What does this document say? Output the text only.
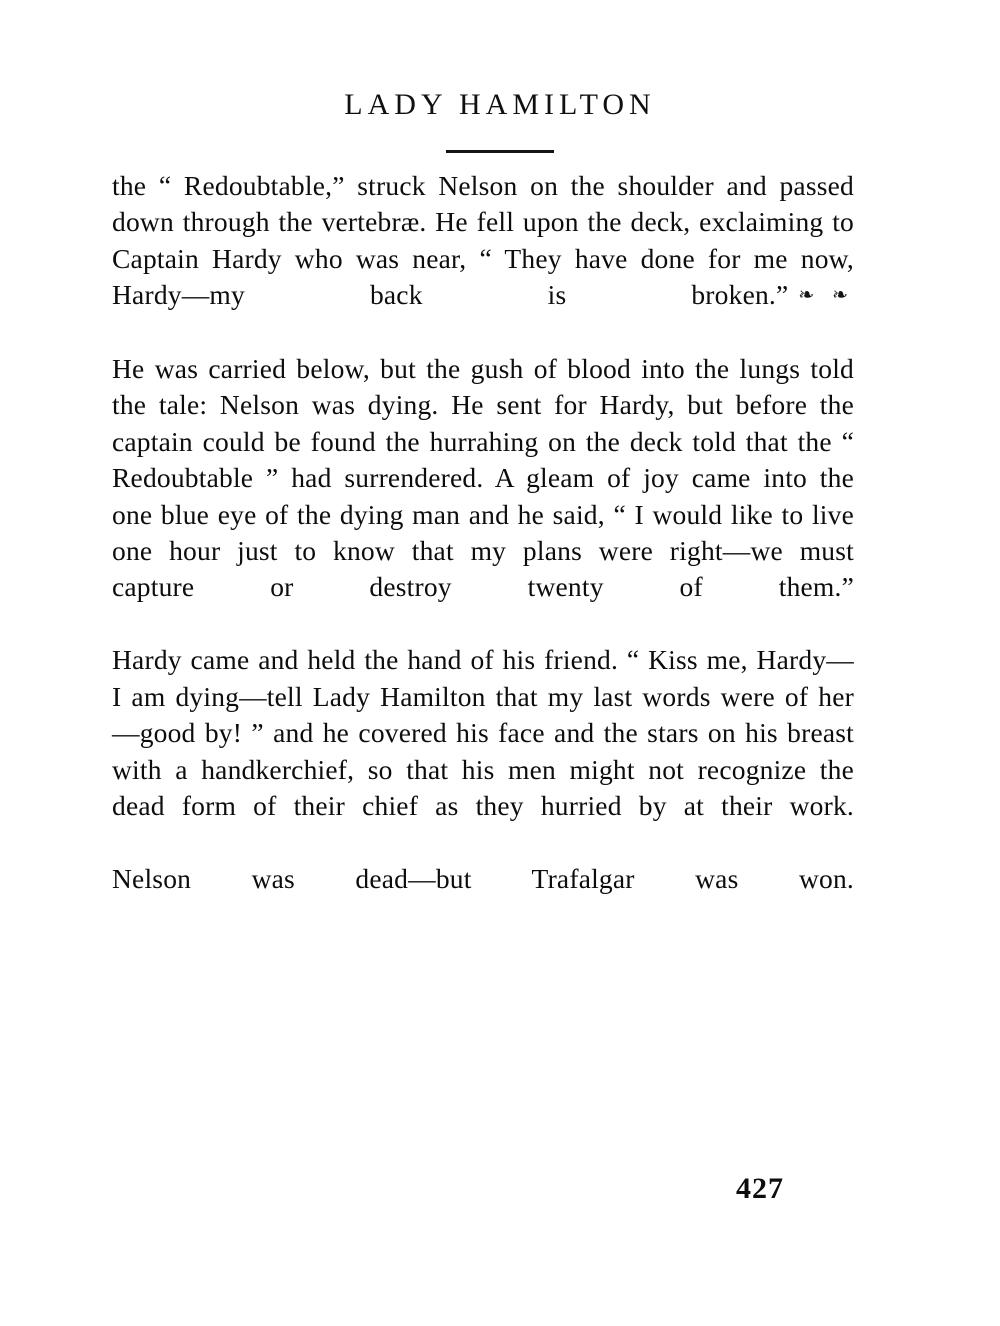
LADY HAMILTON

the “ Redoubtable,” struck Nelson on the shoulder and passed down through the vertebræ. He fell upon the deck, exclaiming to Captain Hardy who was near, “ They have done for me now, Hardy—my back is broken.” ❧ ❧

He was carried below, but the gush of blood into the lungs told the tale: Nelson was dying. He sent for Hardy, but before the captain could be found the hurrahing on the deck told that the “ Redoubtable ” had surrendered. A gleam of joy came into the one blue eye of the dying man and he said, “ I would like to live one hour just to know that my plans were right—we must capture or destroy twenty of them.”

Hardy came and held the hand of his friend. “ Kiss me, Hardy—I am dying—tell Lady Hamilton that my last words were of her—good by! ” and he covered his face and the stars on his breast with a handkerchief, so that his men might not recognize the dead form of their chief as they hurried by at their work.

Nelson was dead—but Trafalgar was won.

427
